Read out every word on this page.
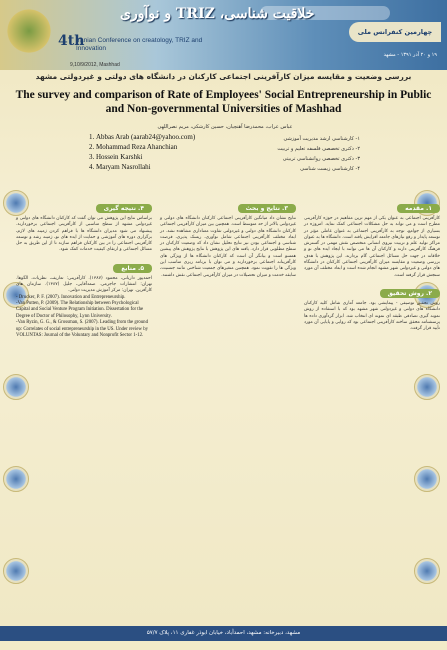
4th
Iranian Conference on creatology, TRIZ and Innovation
9,10/9/2012, Mashhad
خلاقیت شناسی، TRIZ و نوآوری
چهارمین کنفرانس ملی
۱۹ و ۲۰ آذر ۱۳۹۱ - مشهد
بررسی وضعیت و مقایسه میزان کارآفرینی اجتماعی کارکنان در دانشگاه های دولتی و غیردولتی مشهد
The survey and comparison of Rate of Employees' Social Entrepreneurship in Public and Non-governmental Universities of Mashhad
عباس عراب، محمدرضا آهنچیان، حسین کارشکی، مریم نصراللهی
1. Abbas Arab (aarab24@yahoo.com)
2. Mohammad Reza Ahanchian
3. Hossein Karshki
4. Maryam Nasrollahi
۱- کارشناسی ارشد مدیریت آموزشی
۲- دکتری تخصصی فلسفه تعلیم و تربیت
۳- دکتری تخصصی روانشناسی تربیتی
۴- کارشناسی زیست شناسی
۱. مقدمه
کارآفرینی اجتماعی به عنوان یکی از مهم ترین مفاهیم در حوزه کارآفرینی مطرح است و می تواند به حل مشکلات اجتماعی کمک نماید. امروزه در بسیاری از جوامع، توجه به کارآفرینی اجتماعی به عنوان عاملی مؤثر در توسعه پایدار و رفع نیازهای جامعه افزایش یافته است. دانشگاه ها به عنوان مراکز تولید علم و تربیت نیروی انسانی متخصص نقش مهمی در گسترش فرهنگ کارآفرینی دارند و کارکنان آن ها می توانند با ایجاد ایده های نو و خلاقانه در جهت حل مسائل اجتماعی گام بردارند. این پژوهش با هدف بررسی وضعیت و مقایسه میزان کارآفرینی اجتماعی کارکنان در دانشگاه های دولتی و غیردولتی شهر مشهد انجام شده است و ابعاد مختلف آن مورد سنجش قرار گرفته است.
۲. روش تحقیق
روش تحقیق توصیفی - پیمایشی بود. جامعه آماری شامل کلیه کارکنان دانشگاه های دولتی و غیردولتی شهر مشهد بود که با استفاده از روش نمونه گیری تصادفی طبقه ای نمونه ای انتخاب شد. ابزار گردآوری داده ها پرسشنامه محقق ساخته کارآفرینی اجتماعی بود که روایی و پایایی آن مورد تأیید قرار گرفت.
۳. نتایج و بحث
نتایج نشان داد میانگین کارآفرینی اجتماعی کارکنان دانشگاه های دولتی و غیردولتی بالاتر از حد متوسط است. همچنین بین میزان کارآفرینی اجتماعی کارکنان دانشگاه های دولتی و غیردولتی تفاوت معناداری مشاهده نشد. در ابعاد مختلف کارآفرینی اجتماعی شامل نوآوری، ریسک پذیری، فرصت شناسی و اجتماعی بودن نیز نتایج تحلیل نشان داد که وضعیت کارکنان در سطح مطلوبی قرار دارد. یافته های این پژوهش با نتایج پژوهش های پیشین همسو است و بیانگر آن است که کارکنان دانشگاه ها از ویژگی های کارآفرینانه اجتماعی برخوردارند و می توان با برنامه ریزی مناسب این ویژگی ها را تقویت نمود. همچنین متغیرهای جمعیت شناختی مانند جنسیت، سابقه خدمت و میزان تحصیلات در میزان کارآفرینی اجتماعی نقش داشتند.
۴. نتیجه گیری
براساس نتایج این پژوهش می توان گفت که کارکنان دانشگاه های دولتی و غیردولتی مشهد از سطح مناسبی از کارآفرینی اجتماعی برخوردارند. پیشنهاد می شود مدیران دانشگاه ها با فراهم کردن زمینه های لازم، برگزاری دوره های آموزشی و حمایت از ایده های نو، زمینه رشد و توسعه کارآفرینی اجتماعی را در بین کارکنان فراهم سازند تا از این طریق به حل مسائل اجتماعی و ارتقای کیفیت خدمات کمک شود.
۵. منابع
احمدپور داریانی، محمود (۱۳۸۷). کارآفرینی: تعاریف، نظریات، الگوها. تهران: انتشارات جاجرمی. صمدآقایی، جلیل (۱۳۸۷). سازمان های کارآفرین. تهران: مرکز آموزش مدیریت دولتی.
- Drucker, P. F. (2007). Innovation and Entrepreneurship.
-Van Putten, P. (2009). The Relationship between Psychological Capital and Social Venture Program Initiation. Dissertation for the Degree of Doctor of Philosophy, Lynn University.
-Van Ryzin, G. G., & Grossman, S. (2007). Leading from the ground up: Correlates of social entrepreneurship in the US. Under review by VOLUNTAS: Journal of the Voluntary and Nonprofit Sector 1-12.
مشهد، دبیرخانه: مشهد، احمدآباد، خیابان ابوذر غفاری ۱۱، پلاک ۵۷/۷
